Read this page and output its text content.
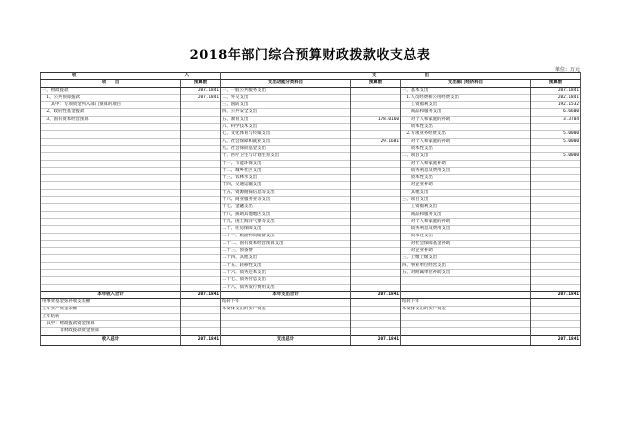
2018年部门综合预算财政拨款收支总表
单位：万元
收 入		支 出			

项　　目	预算数	支出功能分类科目	预算数	支出部门经济科目	预算数
一、财政拨款	207.1841	一、一般公共服务支出		一、基本支出	207.1841
　1、公共预算拨款	207.1841	二、外交支出		　1.人员经费和公用经费支出	202.1841
　　其中：专项资金列入部门预算的项目		三、国防支出		　　工资福利支出	192.1532
　2、政府性基金拨款		四、公共安全支出		　　商品和服务支出	6.6600
　3、国有资本经营预算		五、教育支出	178.0160	　　对个人和家庭的补助	3.3704
		六、科学技术支出		　　资本性支出	
		七、文化体育与传媒支出		　2.专项业务经费支出	5.0000
		八、社会保障和就业支出	29.1681	　　对个人和家庭的补助	5.0000
		九、社会保险基金支出		　　资本性支出	
		十、医疗卫生与计划生育支出		二、项目支出	5.0000
		十一、节能环保支出		　　对个人和家庭补助	
		十二、城乡社区支出		　　债务利息及费用支出	
		十三、农林水支出		　　资本性支出	
		十四、交通运输支出		　　对企业补助	
		十五、资源勘探信息等支出		　　其他支出	
		十六、商业服务业等支出		三、项目支出	
		十七、金融支出		　　工资福利支出	
		十八、援助其他地区支出		　　商品和服务支出	
		十九、国土海洋气象等支出		　　对个人和家庭的补助	
		二十、住房保障支出		　　债务利息及费用支出	
		二十一、粮油物资储备支出		　　资本性支出	
		二十二、国有资本经营预算支出		　　对社会保障基金补助	
		二十三、预备费		　　对企业补助	
		二十四、其他支出		三、上缴上级支出	
		二十五、转移性支出		四、事业单位经营支出	
		二十六、债务还本支出		五、对附属单位补助支出	
		二十七、债务付息支出			
		二十八、债务发行费用支出			
本年收入合计	207.1841	本年支出合计	207.1841		207.1841
用事业基金弥补收支差额		结转下年		结转下年	
上年实户资金余额		未安排支出的实户资金		未安排支出的实户资金	
上年结转					
　其中：财政拨款资金预算					
　　　　非财政拨款资金预算					
收入总计	207.1841	支出总计	207.1841		207.1841
